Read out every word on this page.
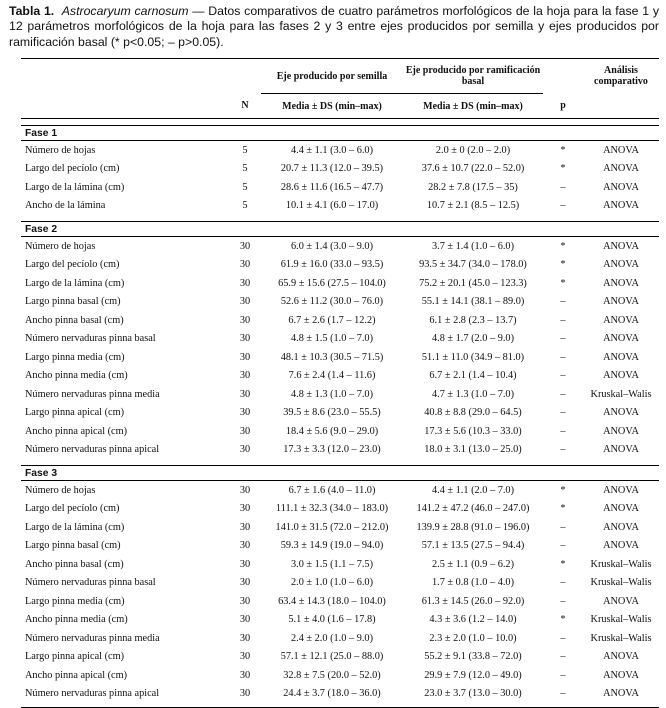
Tabla 1. Astrocaryum carnosum — Datos comparativos de cuatro parámetros morfológicos de la hoja para la fase 1 y 12 parámetros morfológicos de la hoja para las fases 2 y 3 entre ejes producidos por semilla y ejes producidos por ramificación basal (* p<0.05; – p>0.05).

		Eje producido por semilla	Eje producido por ramificación basal		Análisis comparativo
	N	Media ± DS (min–max)	Media ± DS (min–max)	p	

Fase 1					
Número de hojas	5	4.4 ± 1.1 (3.0 – 6.0)	2.0 ± 0 (2.0 – 2.0)	*	ANOVA
Largo del pecíolo (cm)	5	20.7 ± 11.3 (12.0 – 39.5)	37.6 ± 10.7 (22.0 – 52.0)	*	ANOVA
Largo de la lámina (cm)	5	28.6 ± 11.6 (16.5 – 47.7)	28.2 ± 7.8 (17.5 – 35)	–	ANOVA
Ancho de la lámina	5	10.1 ± 4.1 (6.0 – 17.0)	10.7 ± 2.1 (8.5 – 12.5)	–	ANOVA

Fase 2					
Número de hojas	30	6.0 ± 1.4 (3.0 – 9.0)	3.7 ± 1.4 (1.0 – 6.0)	*	ANOVA
Largo del pecíolo (cm)	30	61.9 ± 16.0 (33.0 – 93.5)	93.5 ± 34.7 (34.0 – 178.0)	*	ANOVA
Largo de la lámina (cm)	30	65.9 ± 15.6 (27.5 – 104.0)	75.2 ± 20.1 (45.0 – 123.3)	*	ANOVA
Largo pinna basal (cm)	30	52.6 ± 11.2 (30.0 – 76.0)	55.1 ± 14.1 (38.1 – 89.0)	–	ANOVA
Ancho pinna basal (cm)	30	6.7 ± 2.6 (1.7 – 12.2)	6.1 ± 2.8 (2.3 – 13.7)	–	ANOVA
Número nervaduras pinna basal	30	4.8 ± 1.5 (1.0 – 7.0)	4.8 ± 1.7 (2.0 – 9.0)	–	ANOVA
Largo pinna media (cm)	30	48.1 ± 10.3 (30.5 – 71.5)	51.1 ± 11.0 (34.9 – 81.0)	–	ANOVA
Ancho pinna media (cm)	30	7.6 ± 2.4 (1.4 – 11.6)	6.7 ± 2.1 (1.4 – 10.4)	–	ANOVA
Número nervaduras pinna media	30	4.8 ± 1.3 (1.0 – 7.0)	4.7 ± 1.3 (1.0 – 7.0)	–	Kruskal–Walis
Largo pinna apical (cm)	30	39.5 ± 8.6 (23.0 – 55.5)	40.8 ± 8.8 (29.0 – 64.5)	–	ANOVA
Ancho pinna apical (cm)	30	18.4 ± 5.6 (9.0 – 29.0)	17.3 ± 5.6 (10.3 – 33.0)	–	ANOVA
Número nervaduras pinna apical	30	17.3 ± 3.3 (12.0 – 23.0)	18.0 ± 3.1 (13.0 – 25.0)	–	ANOVA

Fase 3					
Número de hojas	30	6.7 ± 1.6 (4.0 – 11.0)	4.4 ± 1.1 (2.0 – 7.0)	*	ANOVA
Largo del pecíolo (cm)	30	111.1 ± 32.3 (34.0 – 183.0)	141.2 ± 47.2 (46.0 – 247.0)	*	ANOVA
Largo de la lámina (cm)	30	141.0 ± 31.5 (72.0 – 212.0)	139.9 ± 28.8 (91.0 – 196.0)	–	ANOVA
Largo pinna basal (cm)	30	59.3 ± 14.9 (19.0 – 94.0)	57.1 ± 13.5 (27.5 – 94.4)	–	ANOVA
Ancho pinna basal (cm)	30	3.0 ± 1.5 (1.1 – 7.5)	2.5 ± 1.1 (0.9 – 6.2)	*	Kruskal–Walis
Número nervaduras pinna basal	30	2.0 ± 1.0 (1.0 – 6.0)	1.7 ± 0.8 (1.0 – 4.0)	–	Kruskal–Walis
Largo pinna media (cm)	30	63.4 ± 14.3 (18.0 – 104.0)	61.3 ± 14.5 (26.0 – 92.0)	–	ANOVA
Ancho pinna media (cm)	30	5.1 ± 4.0 (1.6 – 17.8)	4.3 ± 3.6 (1.2 – 14.0)	*	Kruskal–Walis
Número nervaduras pinna media	30	2.4 ± 2.0 (1.0 – 9.0)	2.3 ± 2.0 (1.0 – 10.0)	–	Kruskal–Walis
Largo pinna apical (cm)	30	57.1 ± 12.1 (25.0 – 88.0)	55.2 ± 9.1 (33.8 – 72.0)	–	ANOVA
Ancho pinna apical (cm)	30	32.8 ± 7.5 (20.0 – 52.0)	29.9 ± 7.9 (12.0 – 49.0)	–	ANOVA
Número nervaduras pinna apical	30	24.4 ± 3.7 (18.0 – 36.0)	23.0 ± 3.7 (13.0 – 30.0)	–	ANOVA
